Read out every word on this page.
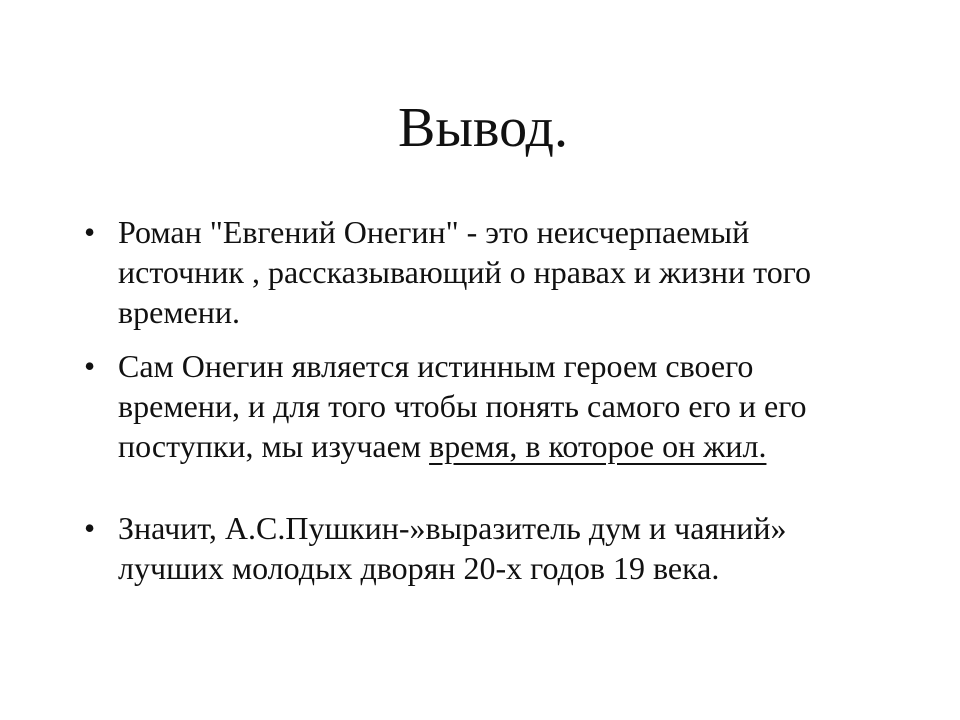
Вывод.
• Роман "Евгений Онегин" - это неисчерпаемый источник , рассказывающий о нравах и жизни того времени.
• Сам Онегин является истинным героем своего времени, и для того чтобы понять самого его и его поступки, мы изучаем время, в которое он жил.
• Значит, А.С.Пушкин-»выразитель дум и чаяний» лучших молодых дворян 20-х годов 19 века.
